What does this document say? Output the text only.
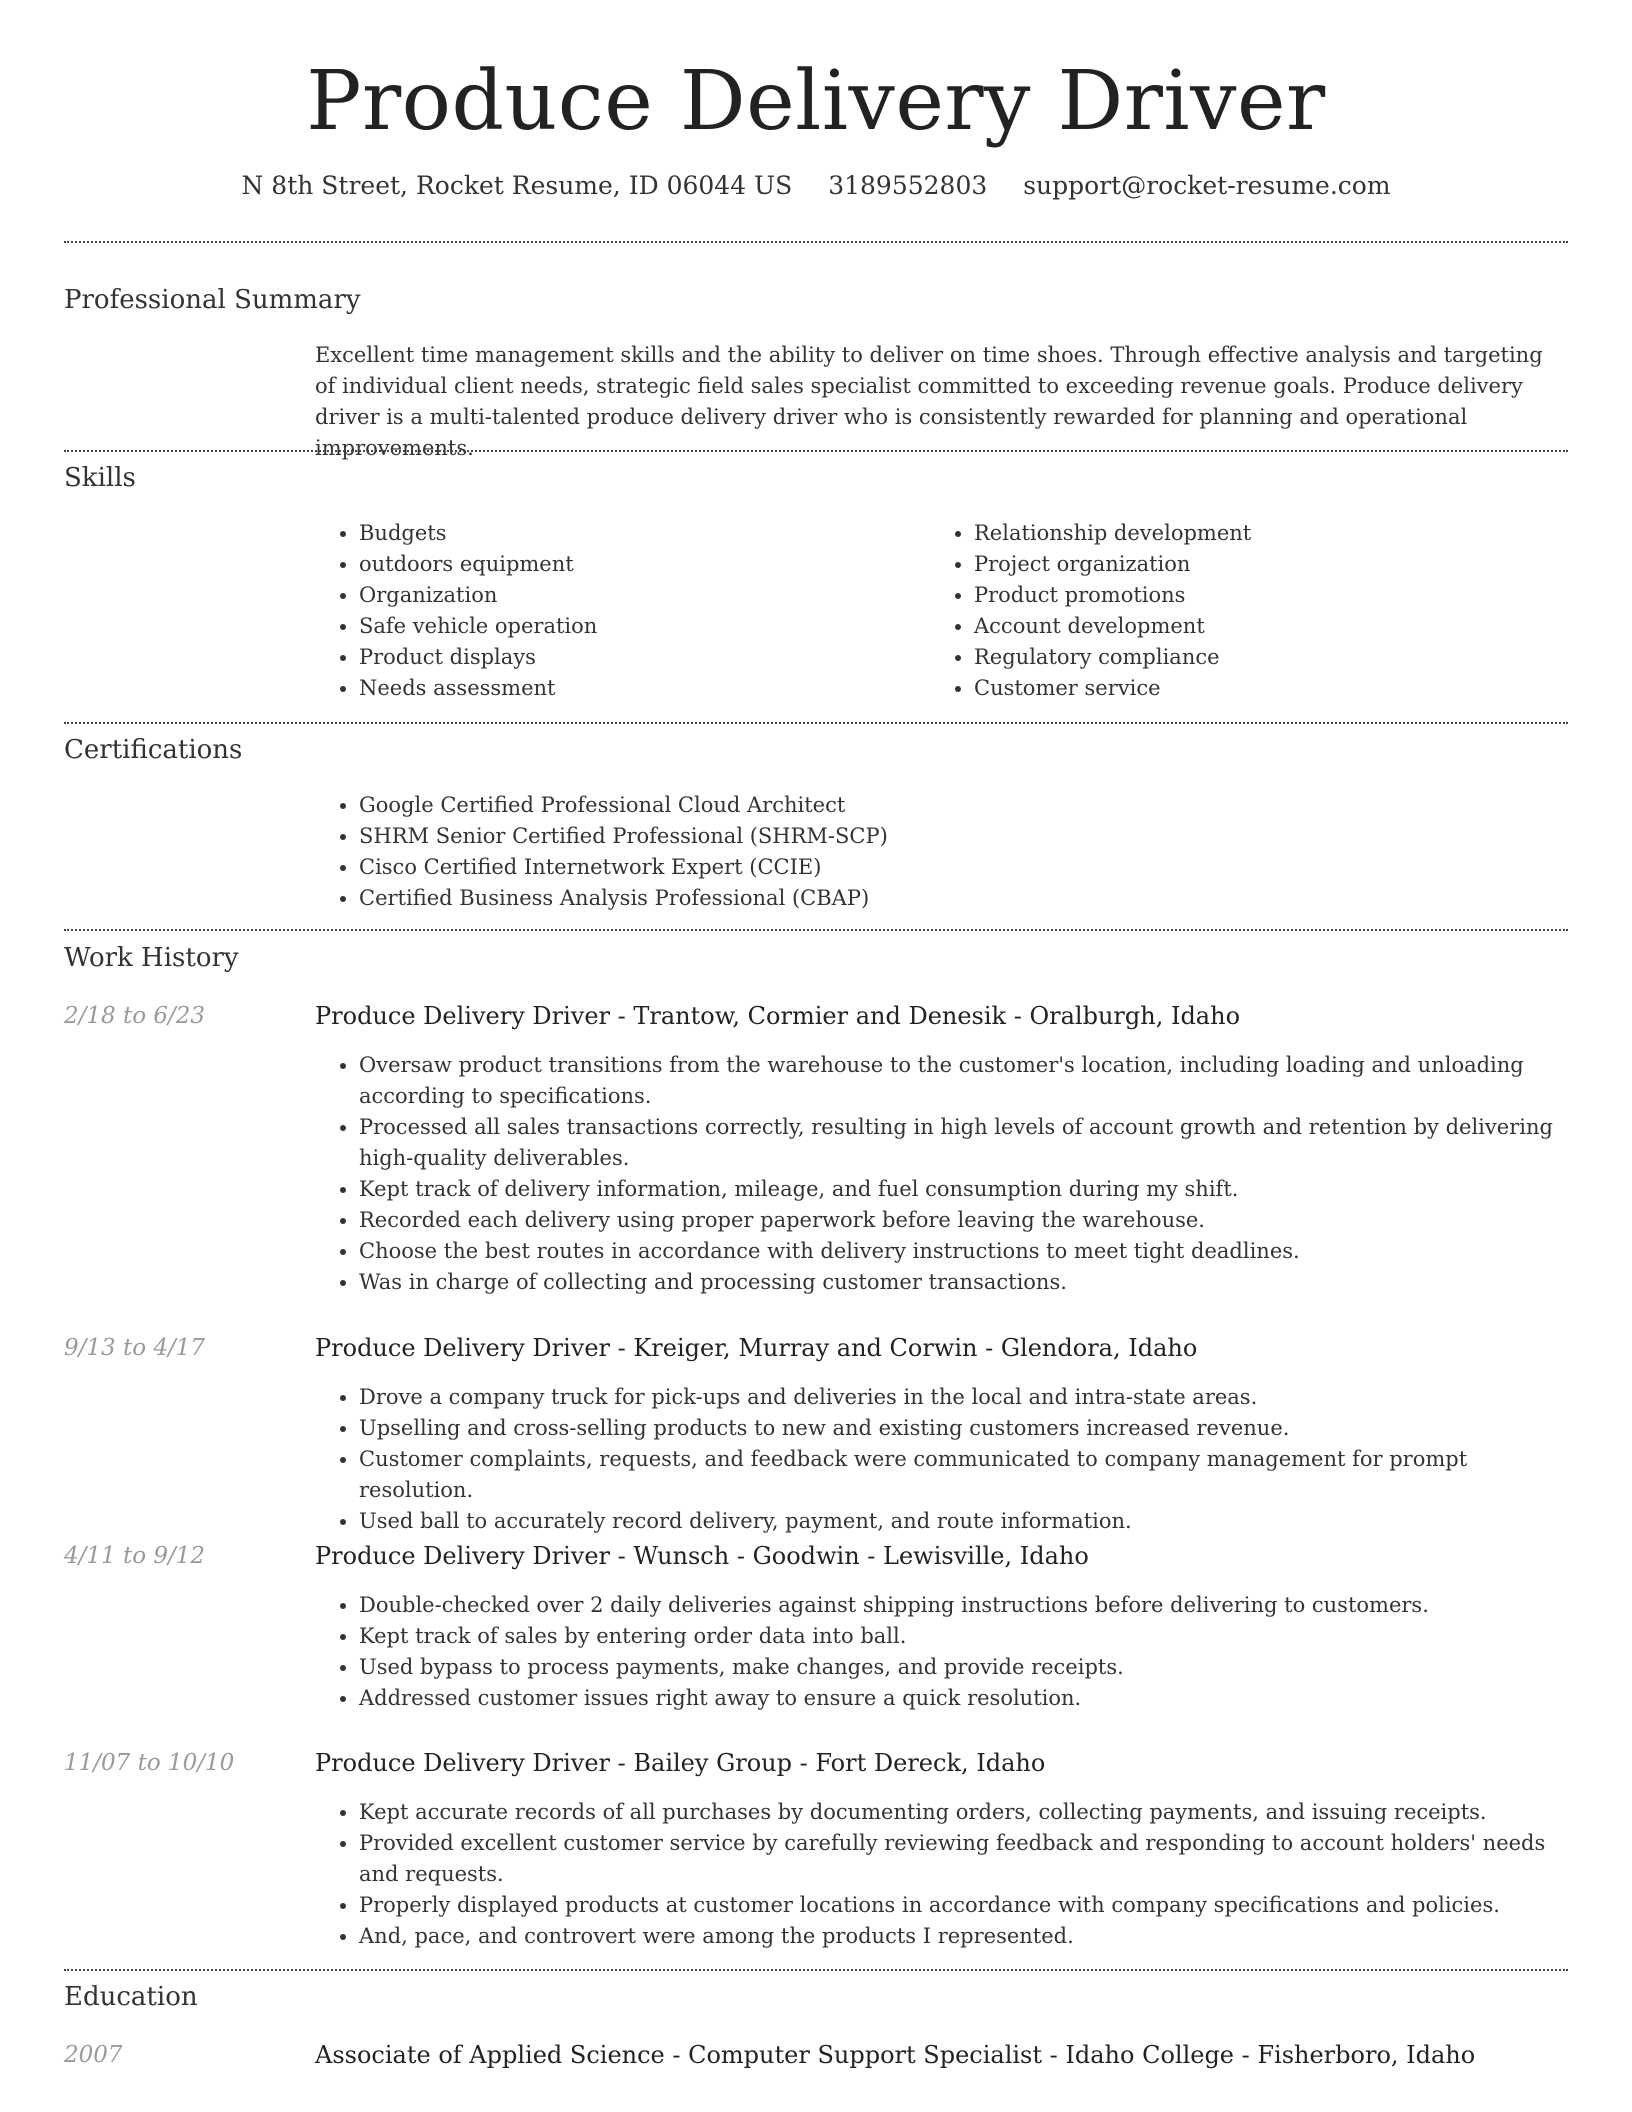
Produce Delivery Driver
N 8th Street, Rocket Resume, ID 06044 US 3189552803 support@rocket-resume.com
Professional Summary
Excellent time management skills and the ability to deliver on time shoes. Through effective analysis and targeting of individual client needs, strategic field sales specialist committed to exceeding revenue goals. Produce delivery driver is a multi-talented produce delivery driver who is consistently rewarded for planning and operational improvements.
Skills
• Budgets
• outdoors equipment
• Organization
• Safe vehicle operation
• Product displays
• Needs assessment
• Relationship development
• Project organization
• Product promotions
• Account development
• Regulatory compliance
• Customer service
Certifications
• Google Certified Professional Cloud Architect
• SHRM Senior Certified Professional (SHRM-SCP)
• Cisco Certified Internetwork Expert (CCIE)
• Certified Business Analysis Professional (CBAP)
Work History
2/18 to 6/23	Produce Delivery Driver - Trantow, Cormier and Denesik - Oralburgh, Idaho
• Oversaw product transitions from the warehouse to the customer's location, including loading and unloading according to specifications.
• Processed all sales transactions correctly, resulting in high levels of account growth and retention by delivering high-quality deliverables.
• Kept track of delivery information, mileage, and fuel consumption during my shift.
• Recorded each delivery using proper paperwork before leaving the warehouse.
• Choose the best routes in accordance with delivery instructions to meet tight deadlines.
• Was in charge of collecting and processing customer transactions.
9/13 to 4/17	Produce Delivery Driver - Kreiger, Murray and Corwin - Glendora, Idaho
• Drove a company truck for pick-ups and deliveries in the local and intra-state areas.
• Upselling and cross-selling products to new and existing customers increased revenue.
• Customer complaints, requests, and feedback were communicated to company management for prompt resolution.
• Used ball to accurately record delivery, payment, and route information.
4/11 to 9/12	Produce Delivery Driver - Wunsch - Goodwin - Lewisville, Idaho
• Double-checked over 2 daily deliveries against shipping instructions before delivering to customers.
• Kept track of sales by entering order data into ball.
• Used bypass to process payments, make changes, and provide receipts.
• Addressed customer issues right away to ensure a quick resolution.
11/07 to 10/10	Produce Delivery Driver - Bailey Group - Fort Dereck, Idaho
• Kept accurate records of all purchases by documenting orders, collecting payments, and issuing receipts.
• Provided excellent customer service by carefully reviewing feedback and responding to account holders' needs and requests.
• Properly displayed products at customer locations in accordance with company specifications and policies.
• And, pace, and controvert were among the products I represented.
Education
2007	Associate of Applied Science - Computer Support Specialist - Idaho College - Fisherboro, Idaho
